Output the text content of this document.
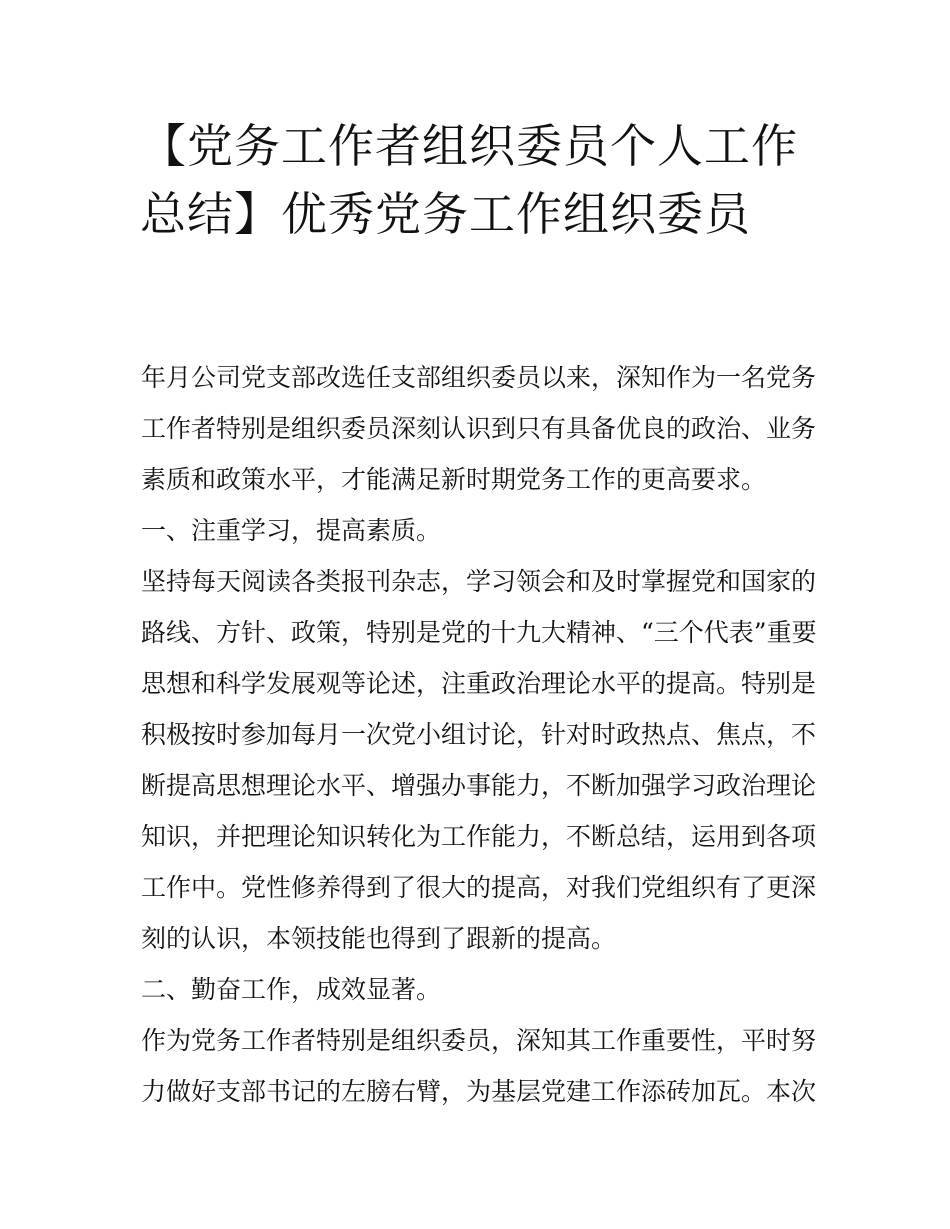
【党务工作者组织委员个人工作总结】优秀党务工作组织委员

年月公司党支部改选任支部组织委员以来，深知作为一名党务工作者特别是组织委员深刻认识到只有具备优良的政治、业务素质和政策水平，才能满足新时期党务工作的更高要求。

一、注重学习，提高素质。

坚持每天阅读各类报刊杂志，学习领会和及时掌握党和国家的路线、方针、政策，特别是党的十九大精神、“三个代表”重要思想和科学发展观等论述，注重政治理论水平的提高。特别是积极按时参加每月一次党小组讨论，针对时政热点、焦点，不断提高思想理论水平、增强办事能力，不断加强学习政治理论知识，并把理论知识转化为工作能力，不断总结，运用到各项工作中。党性修养得到了很大的提高，对我们党组织有了更深刻的认识，本领技能也得到了跟新的提高。

二、勤奋工作，成效显著。

作为党务工作者特别是组织委员，深知其工作重要性，平时努力做好支部书记的左膀右臂，为基层党建工作添砖加瓦。本次
